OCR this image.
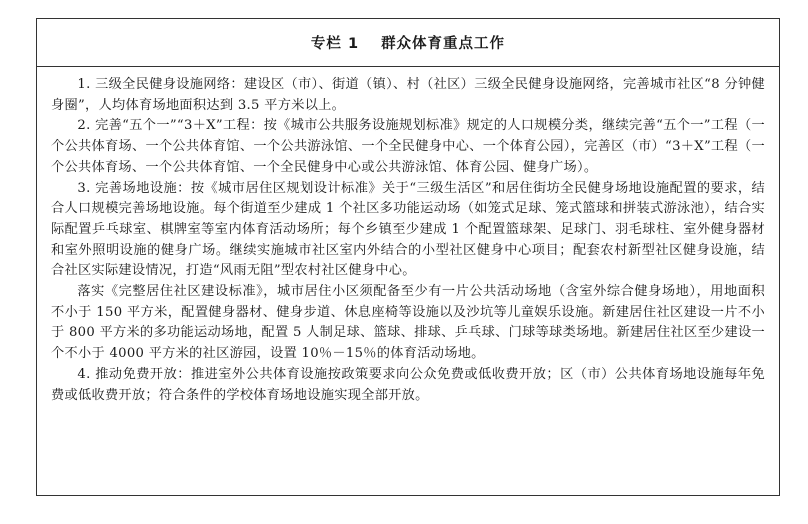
专栏 1 群众体育重点工作

1. 三级全民健身设施网络：建设区（市）、街道（镇）、村（社区）三级全民健身设施网络，完善城市社区“8 分钟健身圈”，人均体育场地面积达到 3.5 平方米以上。

2. 完善“五个一”“3＋X”工程：按《城市公共服务设施规划标准》规定的人口规模分类，继续完善“五个一”工程（一个公共体育场、一个公共体育馆、一个公共游泳馆、一个全民健身中心、一个体育公园），完善区（市）“3＋X”工程（一个公共体育场、一个公共体育馆、一个全民健身中心或公共游泳馆、体育公园、健身广场）。

3. 完善场地设施：按《城市居住区规划设计标准》关于“三级生活区”和居住街坊全民健身场地设施配置的要求，结合人口规模完善场地设施。每个街道至少建成 1 个社区多功能运动场（如笼式足球、笼式篮球和拼装式游泳池），结合实际配置乒乓球室、棋牌室等室内体育活动场所；每个乡镇至少建成 1 个配置篮球架、足球门、羽毛球柱、室外健身器材和室外照明设施的健身广场。继续实施城市社区室内外结合的小型社区健身中心项目；配套农村新型社区健身设施，结合社区实际建设情况，打造“风雨无阻”型农村社区健身中心。

落实《完整居住社区建设标准》，城市居住小区须配备至少有一片公共活动场地（含室外综合健身场地），用地面积不小于 150 平方米，配置健身器材、健身步道、休息座椅等设施以及沙坑等儿童娱乐设施。新建居住社区建设一片不小于 800 平方米的多功能运动场地，配置 5 人制足球、篮球、排球、乒乓球、门球等球类场地。新建居住社区至少建设一个不小于 4000 平方米的社区游园，设置 10％－15％的体育活动场地。

4. 推动免费开放：推进室外公共体育设施按政策要求向公众免费或低收费开放；区（市）公共体育场地设施每年免费或低收费开放；符合条件的学校体育场地设施实现全部开放。
